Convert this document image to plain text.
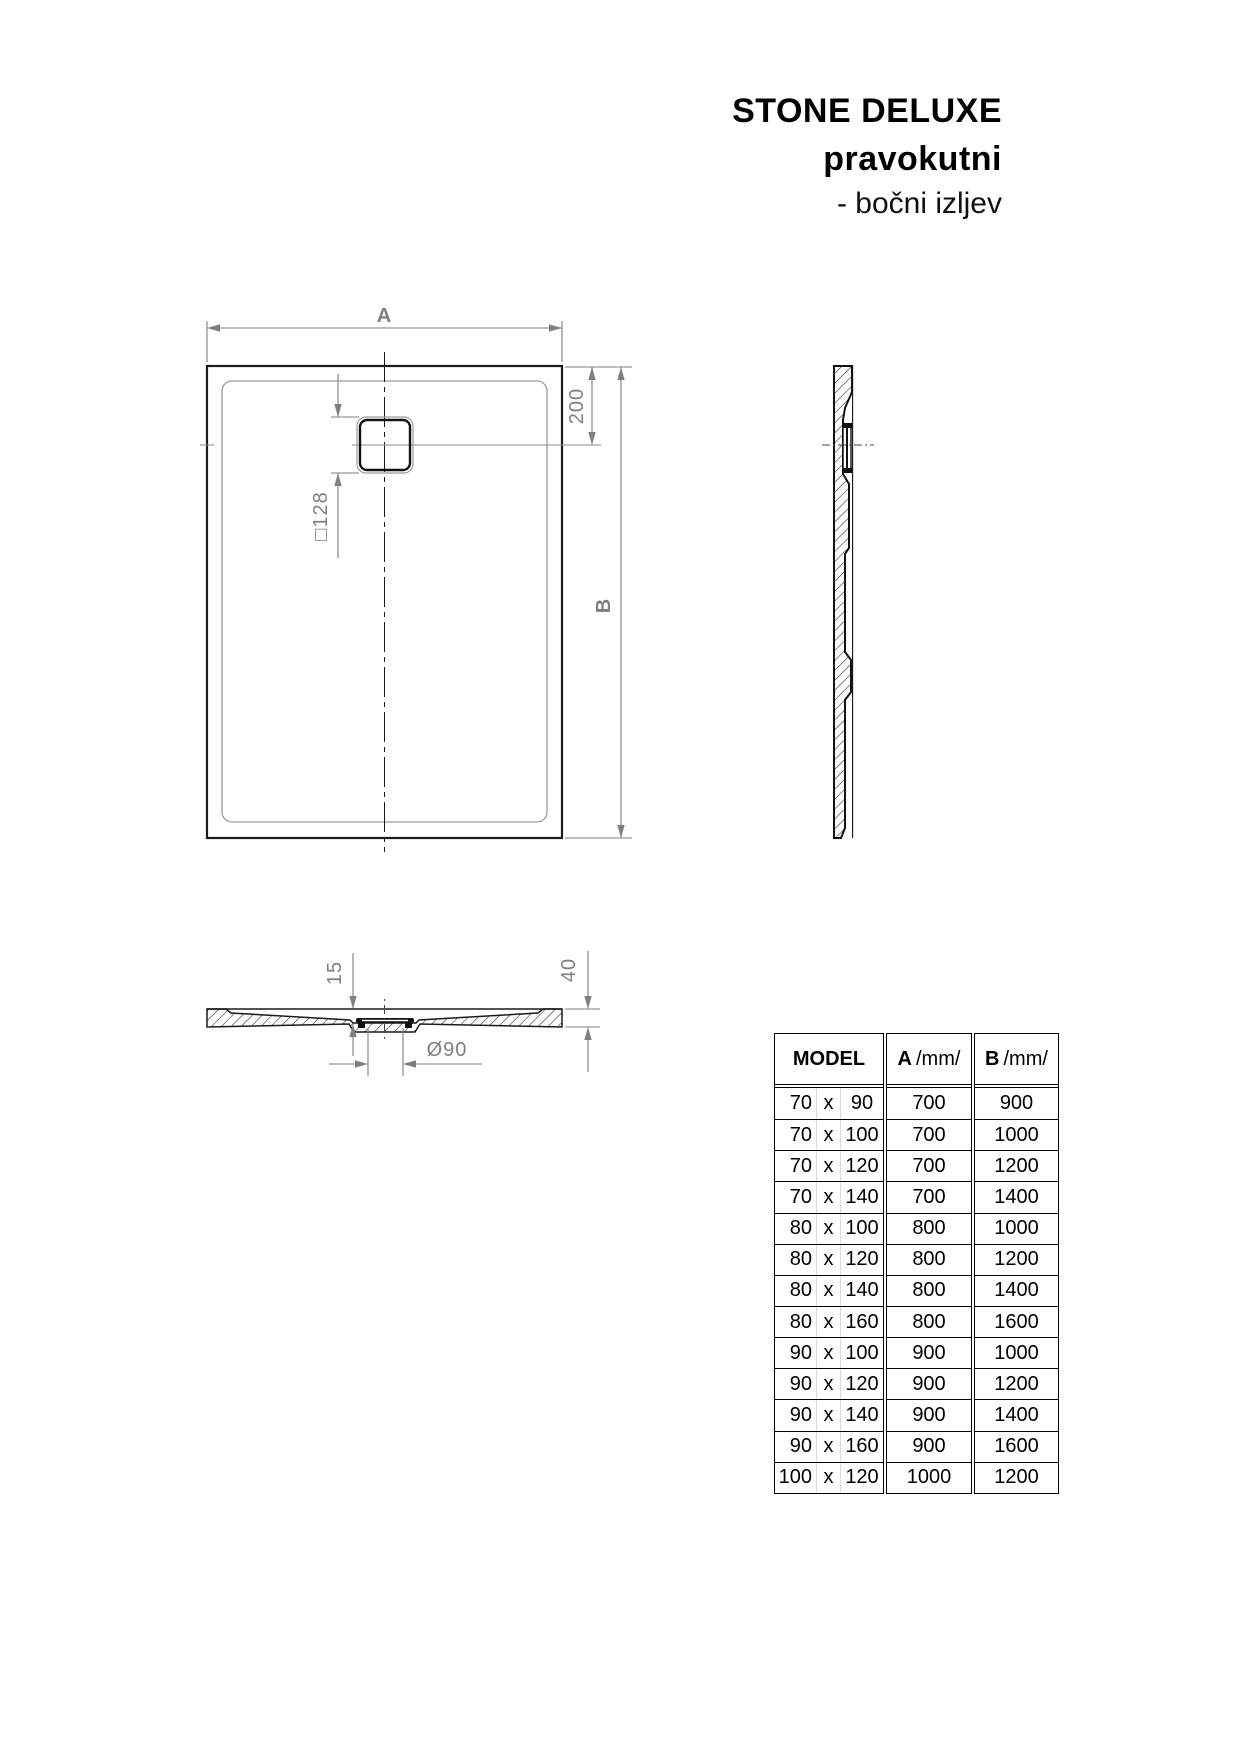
A
200
B
□128
15	40
Ø90
STONE DELUXE
pravokutni
- bočni izljev
MODEL
70 x 90
70 x 100
70 x 120
70 x 140
80 x 100
80 x 120
80 x 140
80 x 160
90 x 100
90 x 120
90 x 140
90 x 160
100 x 120
A /mm/
700
700
700
700
800
800
800
800
900
900
900
900
1000
B /mm/
900
1000
1200
1400
1000
1200
1400
1600
1000
1200
1400
1600
1200
